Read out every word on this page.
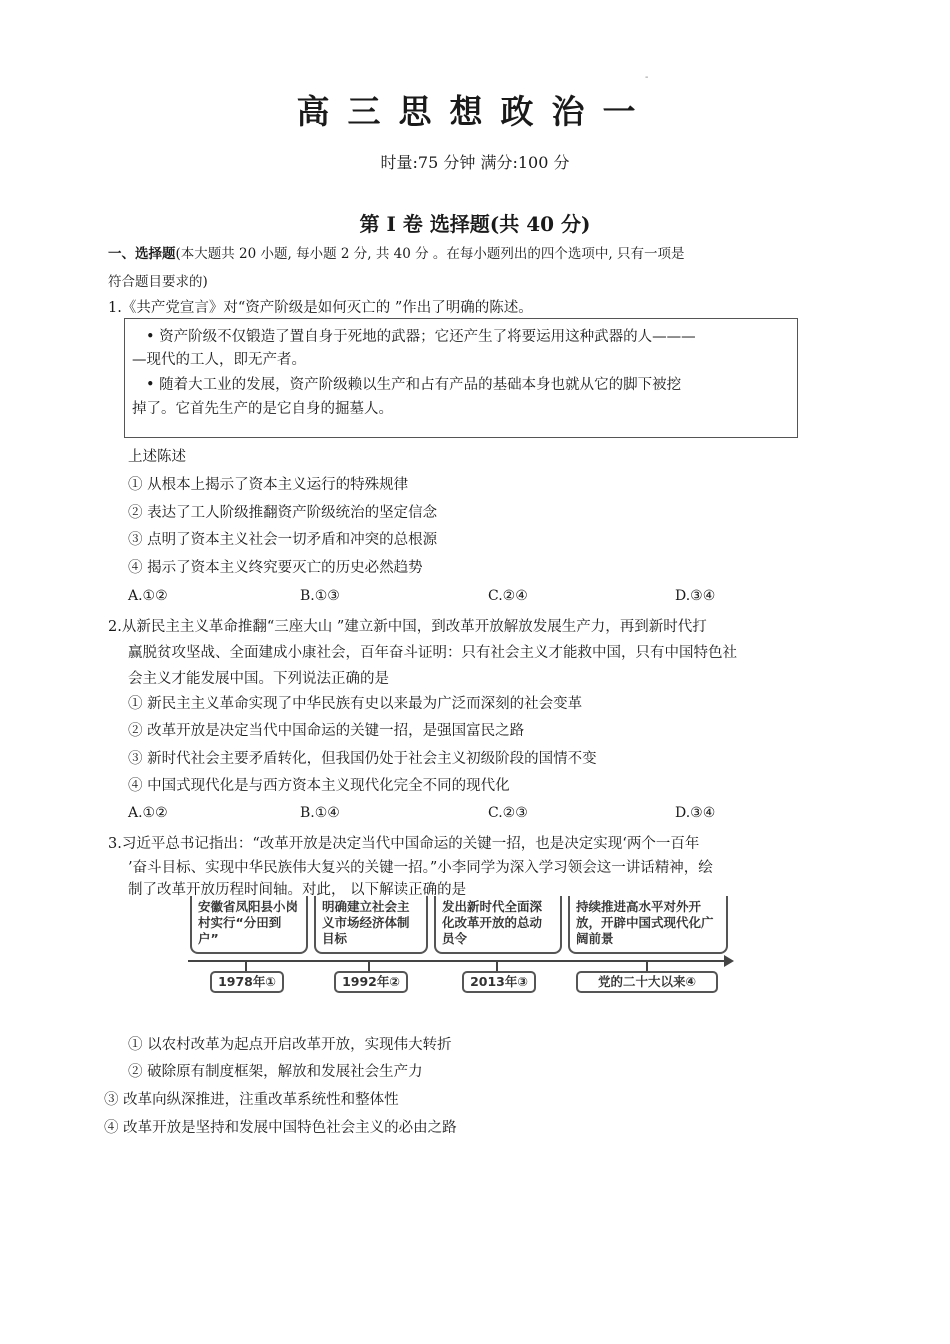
高三思想政治一
-
时量:75 分钟 满分:100 分
第 Ⅰ 卷 选择题(共 40 分)
一、选择题(本大题共 20 小题, 每小题 2 分, 共 40 分 。在每小题列出的四个选项中, 只有一项是
符合题目要求的)
1.《共产党宣言》对“资产阶级是如何灭亡的 ”作出了明确的陈述。
• 资产阶级不仅锻造了置自身于死地的武器；它还产生了将要运用这种武器的人———
—现代的工人，即无产者。
• 随着大工业的发展，资产阶级赖以生产和占有产品的基础本身也就从它的脚下被挖
掉了。它首先生产的是它自身的掘墓人。
上述陈述
① 从根本上揭示了资本主义运行的特殊规律
② 表达了工人阶级推翻资产阶级统治的坚定信念
③ 点明了资本主义社会一切矛盾和冲突的总根源
④ 揭示了资本主义终究要灭亡的历史必然趋势
A.①②	B.①③	C.②④	D.③④
2.从新民主主义革命推翻“三座大山 ”建立新中国，到改革开放解放发展生产力，再到新时代打
赢脱贫攻坚战、全面建成小康社会，百年奋斗证明：只有社会主义才能救中国，只有中国特色社
会主义才能发展中国。下列说法正确的是
① 新民主主义革命实现了中华民族有史以来最为广泛而深刻的社会变革
② 改革开放是决定当代中国命运的关键一招，是强国富民之路
③ 新时代社会主要矛盾转化，但我国仍处于社会主义初级阶段的国情不变
④ 中国式现代化是与西方资本主义现代化完全不同的现代化
A.①②	B.①④	C.②③	D.③④
3.习近平总书记指出：“改革开放是决定当代中国命运的关键一招，也是决定实现‘两个一百年
’奋斗目标、实现中华民族伟大复兴的关键一招。”小李同学为深入学习领会这一讲话精神，绘
制了改革开放历程时间轴。对此， 以下解读正确的是
安徽省凤阳县小岗村实行“分田到户”
明确建立社会主义市场经济体制目标
发出新时代全面深化改革开放的总动员令
持续推进高水平对外开放，开辟中国式现代化广阔前景
1978年①	1992年②	2013年③	党的二十大以来④
① 以农村改革为起点开启改革开放，实现伟大转折
② 破除原有制度框架，解放和发展社会生产力
③ 改革向纵深推进，注重改革系统性和整体性
④ 改革开放是坚持和发展中国特色社会主义的必由之路
